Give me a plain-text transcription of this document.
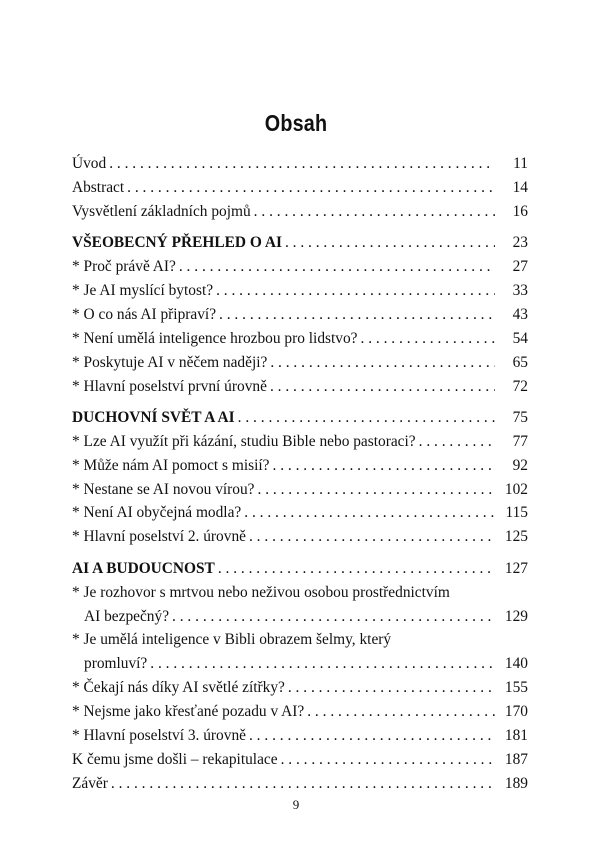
Obsah
Úvod . . .	11
Abstract . . .	14
Vysvětlení základních pojmů . . .	16
VŠEOBECNÝ PŘEHLED O AI . . .	23
* Proč právě AI? . . .	27
* Je AI myslící bytost? . . .	33
* O co nás AI připraví? . . .	43
* Není umělá inteligence hrozbou pro lidstvo? . . .	54
* Poskytuje AI v něčem naději? . . .	65
* Hlavní poselství první úrovně . . .	72
DUCHOVNÍ SVĚT A AI . . .	75
* Lze AI využít při kázání, studiu Bible nebo pastoraci? . . .	77
* Může nám AI pomoct s misií? . . .	92
* Nestane se AI novou vírou? . . .	102
* Není AI obyčejná modla? . . .	115
* Hlavní poselství 2. úrovně . . .	125
AI A BUDOUCNOST . . .	127
* Je rozhovor s mrtvou nebo neživou osobou prostřednictvím
AI bezpečný? . . .	129
* Je umělá inteligence v Bibli obrazem šelmy, který
promluví? . . .	140
* Čekají nás díky AI světlé zítřky? . . .	155
* Nejsme jako křesťané pozadu v AI? . . .	170
* Hlavní poselství 3. úrovně . . .	181
K čemu jsme došli – rekapitulace . . .	187
Závěr . . .	189
9
